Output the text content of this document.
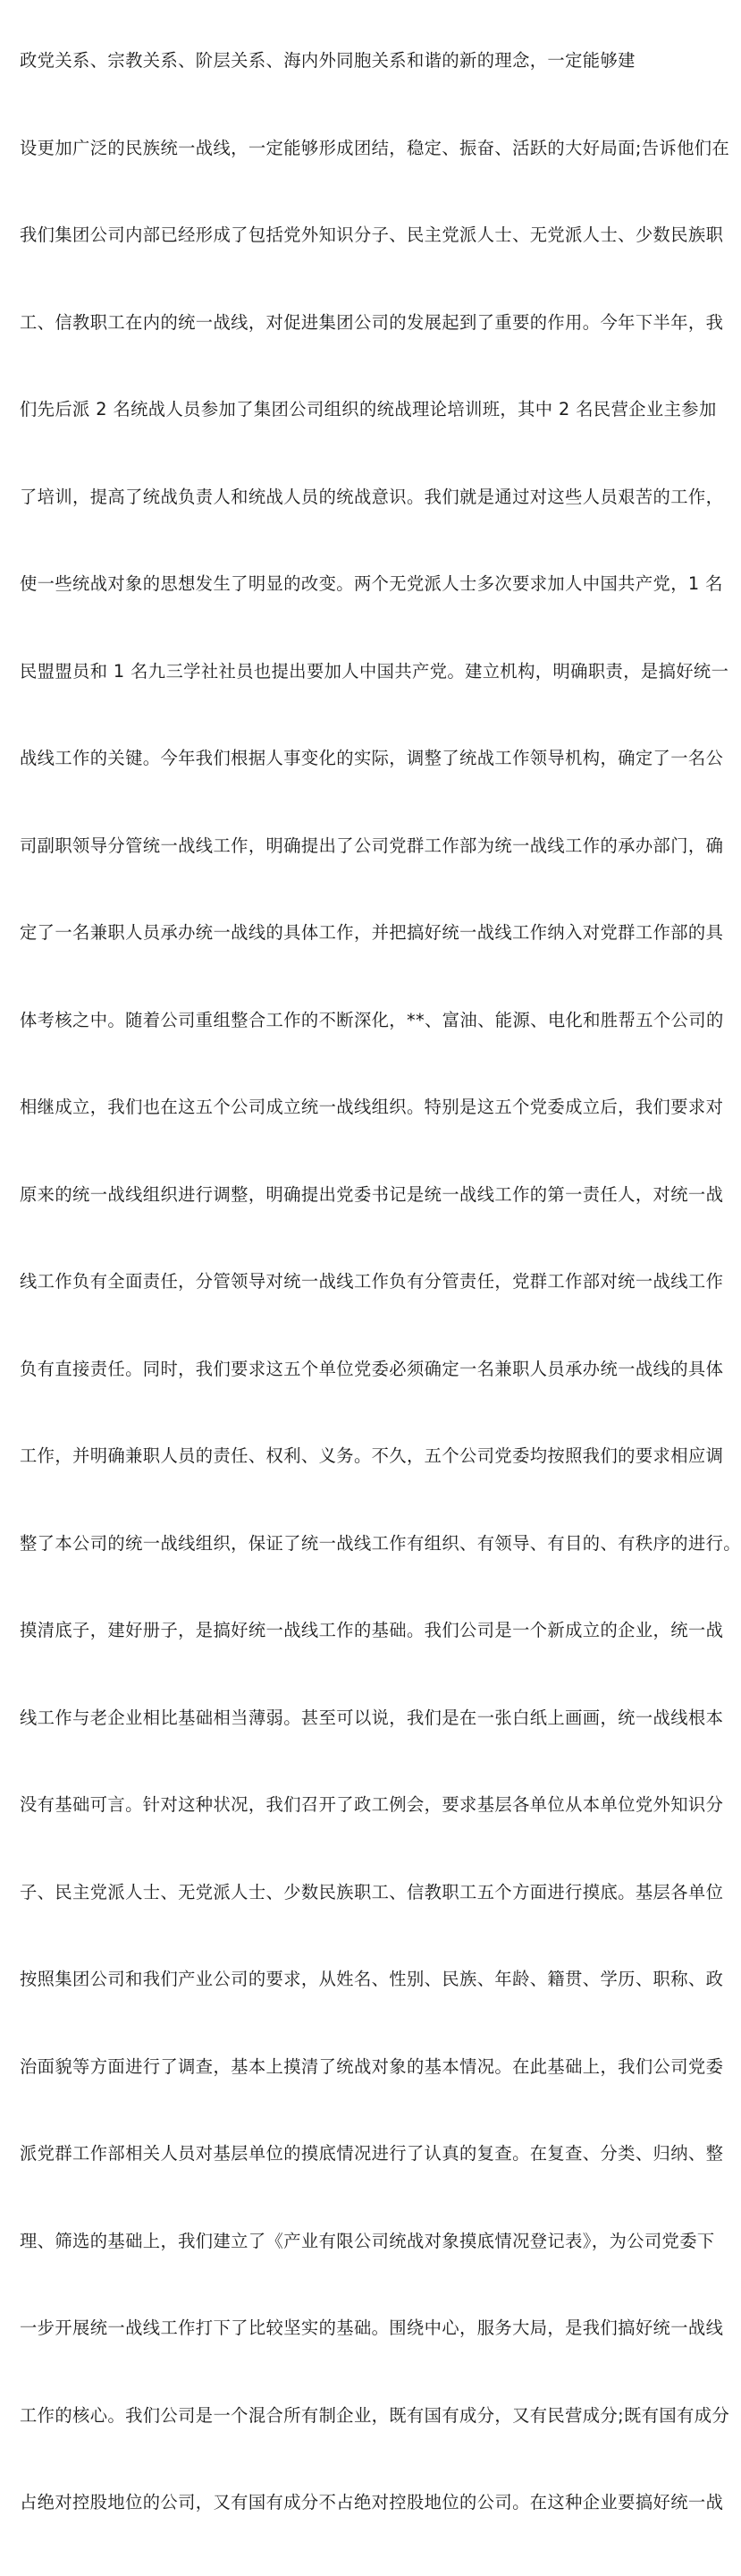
政党关系、宗教关系、阶层关系、海内外同胞关系和谐的新的理念，一定能够建

设更加广泛的民族统一战线，一定能够形成团结，稳定、振奋、活跃的大好局面;告诉他们在

我们集团公司内部已经形成了包括党外知识分子、民主党派人士、无党派人士、少数民族职

工、信教职工在内的统一战线，对促进集团公司的发展起到了重要的作用。今年下半年，我

们先后派 2 名统战人员参加了集团公司组织的统战理论培训班，其中 2 名民营企业主参加

了培训，提高了统战负责人和统战人员的统战意识。我们就是通过对这些人员艰苦的工作，

使一些统战对象的思想发生了明显的改变。两个无党派人士多次要求加人中国共产党，1 名

民盟盟员和 1 名九三学社社员也提出要加人中国共产党。建立机构，明确职责，是搞好统一

战线工作的关键。今年我们根据人事变化的实际，调整了统战工作领导机构，确定了一名公

司副职领导分管统一战线工作，明确提出了公司党群工作部为统一战线工作的承办部门，确

定了一名兼职人员承办统一战线的具体工作，并把搞好统一战线工作纳入对党群工作部的具

体考核之中。随着公司重组整合工作的不断深化，**、富油、能源、电化和胜帮五个公司的

相继成立，我们也在这五个公司成立统一战线组织。特别是这五个党委成立后，我们要求对

原来的统一战线组织进行调整，明确提出党委书记是统一战线工作的第一责任人，对统一战

线工作负有全面责任，分管领导对统一战线工作负有分管责任，党群工作部对统一战线工作

负有直接责任。同时，我们要求这五个单位党委必须确定一名兼职人员承办统一战线的具体

工作，并明确兼职人员的责任、权利、义务。不久，五个公司党委均按照我们的要求相应调

整了本公司的统一战线组织，保证了统一战线工作有组织、有领导、有目的、有秩序的进行。

摸清底子，建好册子，是搞好统一战线工作的基础。我们公司是一个新成立的企业，统一战

线工作与老企业相比基础相当薄弱。甚至可以说，我们是在一张白纸上画画，统一战线根本

没有基础可言。针对这种状况，我们召开了政工例会，要求基层各单位从本单位党外知识分

子、民主党派人士、无党派人士、少数民族职工、信教职工五个方面进行摸底。基层各单位

按照集团公司和我们产业公司的要求，从姓名、性别、民族、年龄、籍贯、学历、职称、政

治面貌等方面进行了调查，基本上摸清了统战对象的基本情况。在此基础上，我们公司党委

派党群工作部相关人员对基层单位的摸底情况进行了认真的复查。在复查、分类、归纳、整

理、筛选的基础上，我们建立了《产业有限公司统战对象摸底情况登记表》，为公司党委下

一步开展统一战线工作打下了比较坚实的基础。围绕中心，服务大局，是我们搞好统一战线

工作的核心。我们公司是一个混合所有制企业，既有国有成分，又有民营成分;既有国有成分

占绝对控股地位的公司，又有国有成分不占绝对控股地位的公司。在这种企业要搞好统一战
